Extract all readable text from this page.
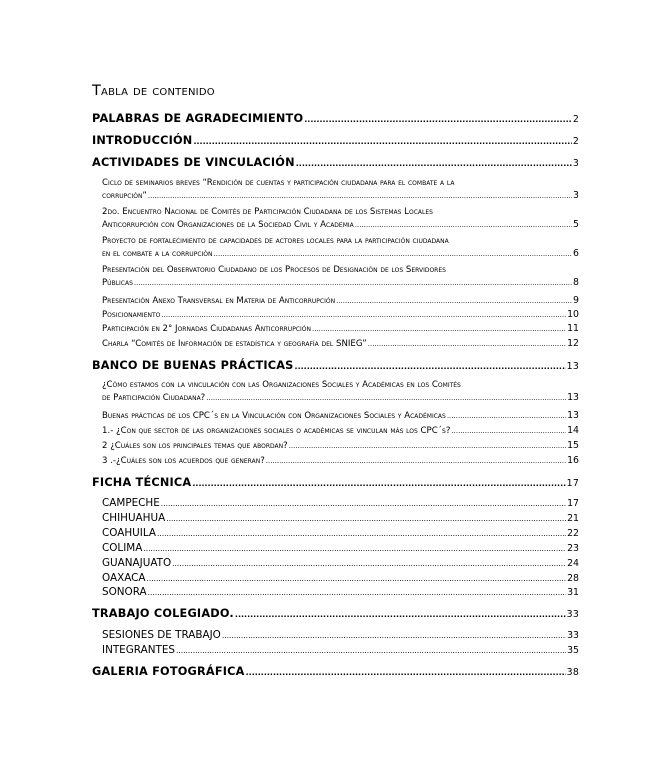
Tabla de contenido
PALABRAS DE AGRADECIMIENTO .....	2
INTRODUCCIÓN .....	2
ACTIVIDADES DE VINCULACIÓN .....	3
Ciclo de seminarios breves “Rendición de cuentas y participación ciudadana para el combate a la
corrupción” .....	3
2do. Encuentro Nacional de Comités de Participación Ciudadana de los Sistemas Locales
Anticorrupción con Organizaciones de la Sociedad Civil y Academia .....	5
Proyecto de fortalecimiento de capacidades de actores locales para la participación ciudadana
en el combate a la corrupción .....	6
Presentación del Observatorio Ciudadano de los Procesos de Designación de los Servidores
Públicas .....	8
Presentación Anexo Transversal en Materia de Anticorrupción .....	9
Posicionamiento .....	10
Participación en 2° Jornadas Ciudadanas Anticorrupción .....	11
Charla “Comités de Información de estadística y geografía del SNIEG” .....	12
BANCO DE BUENAS PRÁCTICAS .....	13
¿Cómo estamos con la vinculación con las Organizaciones Sociales y Académicas en los Comités
de Participación Ciudadana? .....	13
Buenas prácticas de los CPC´s en la Vinculación con Organizaciones Sociales y Académicas .....	13
1.- ¿Con que sector de las organizaciones sociales o académicas se vinculan más los CPC´s? .....	14
2 ¿Cuáles son los principales temas que abordan? .....	15
3 .-¿Cuáles son los acuerdos que generan? .....	16
FICHA TÉCNICA .....	17
CAMPECHE .....	17
CHIHUAHUA .....	21
COAHUILA .....	22
COLIMA .....	23
GUANAJUATO .....	24
OAXACA .....	28
SONORA .....	31
TRABAJO COLEGIADO. .....	33
SESIONES DE TRABAJO .....	33
INTEGRANTES .....	35
GALERIA FOTOGRÁFICA .....	38
